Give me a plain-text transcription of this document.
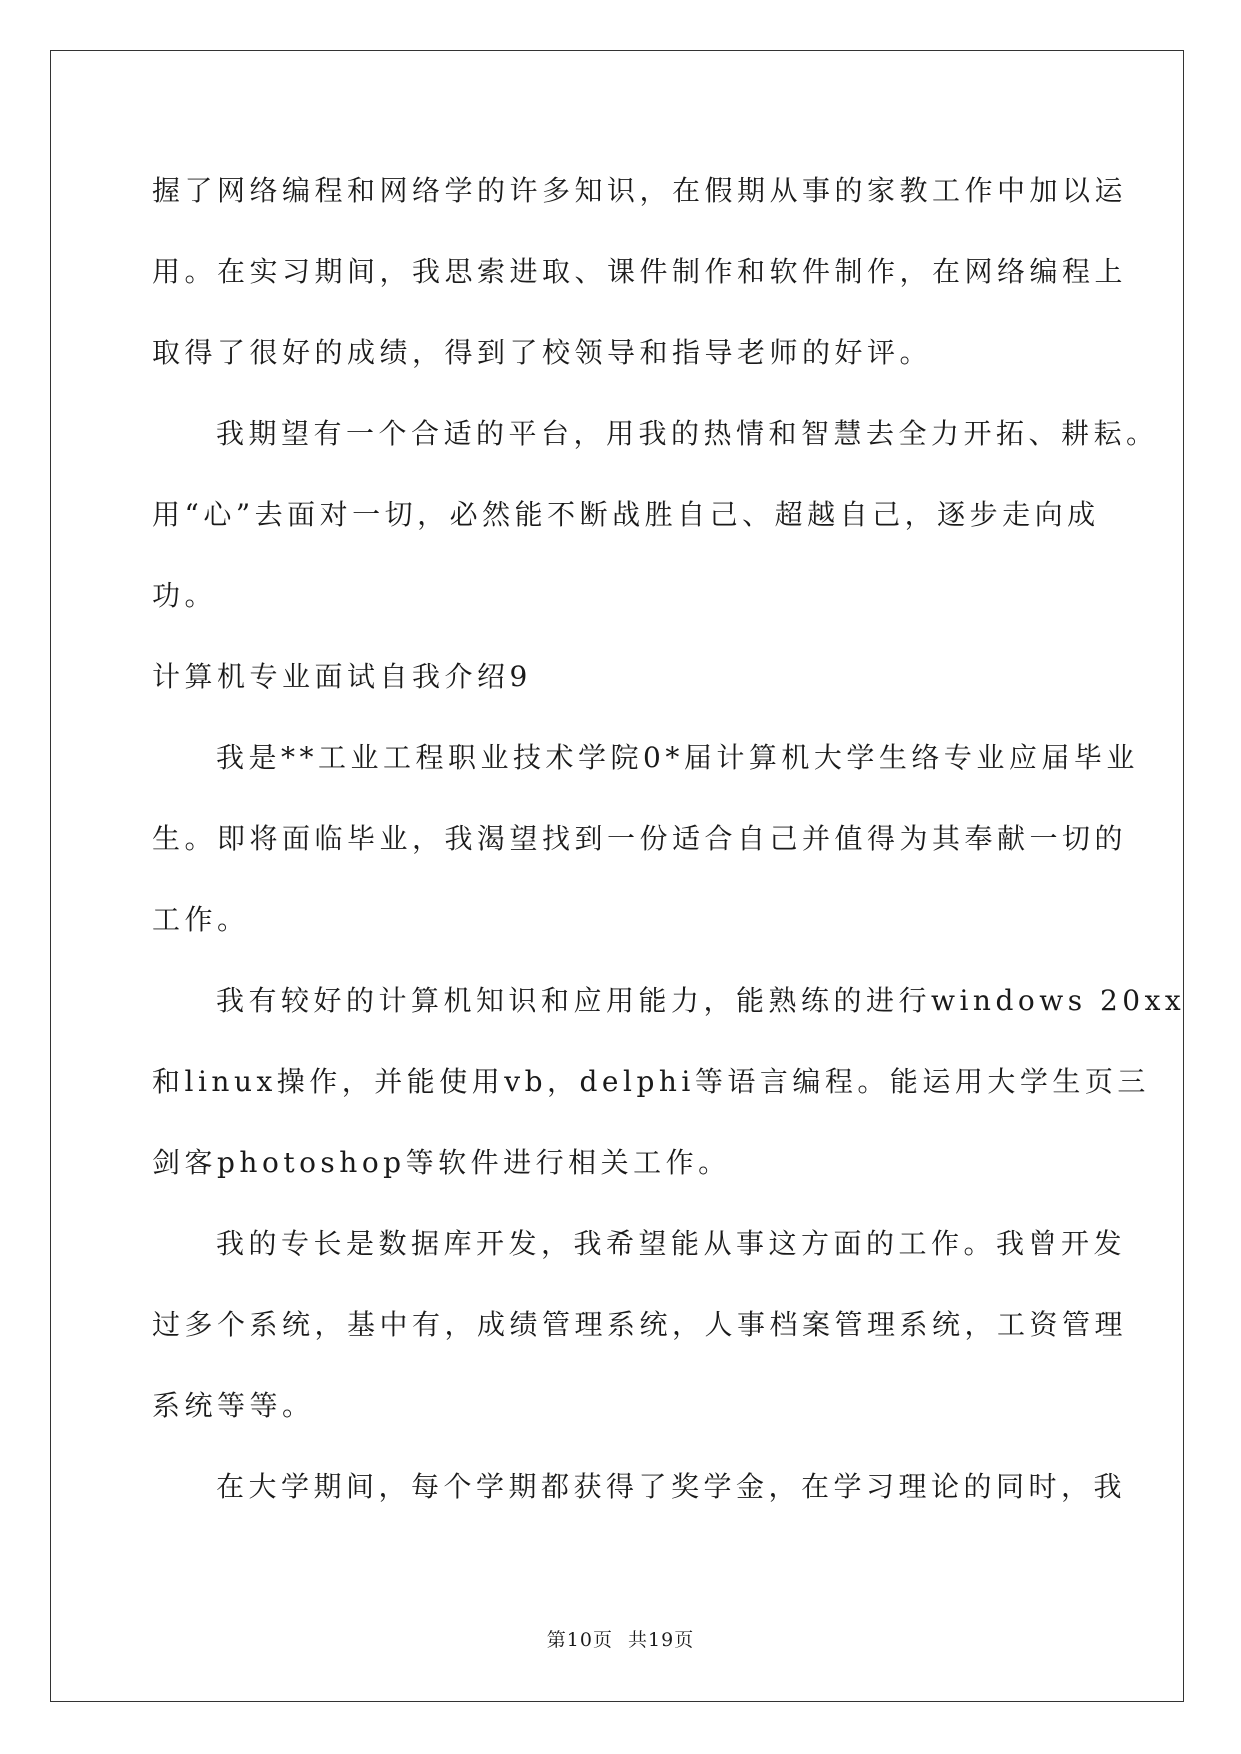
握了网络编程和网络学的许多知识，在假期从事的家教工作中加以运
用。在实习期间，我思索进取、课件制作和软件制作，在网络编程上
取得了很好的成绩，得到了校领导和指导老师的好评。
我期望有一个合适的平台，用我的热情和智慧去全力开拓、耕耘。
用“心”去面对一切，必然能不断战胜自己、超越自己，逐步走向成
功。
计算机专业面试自我介绍9
我是**工业工程职业技术学院0*届计算机大学生络专业应届毕业
生。即将面临毕业，我渴望找到一份适合自己并值得为其奉献一切的
工作。
我有较好的计算机知识和应用能力，能熟练的进行windows 20xx
和linux操作，并能使用vb，delphi等语言编程。能运用大学生页三
剑客photoshop等软件进行相关工作。
我的专长是数据库开发，我希望能从事这方面的工作。我曾开发
过多个系统，基中有，成绩管理系统，人事档案管理系统，工资管理
系统等等。
在大学期间，每个学期都获得了奖学金，在学习理论的同时，我
第10页 共19页
